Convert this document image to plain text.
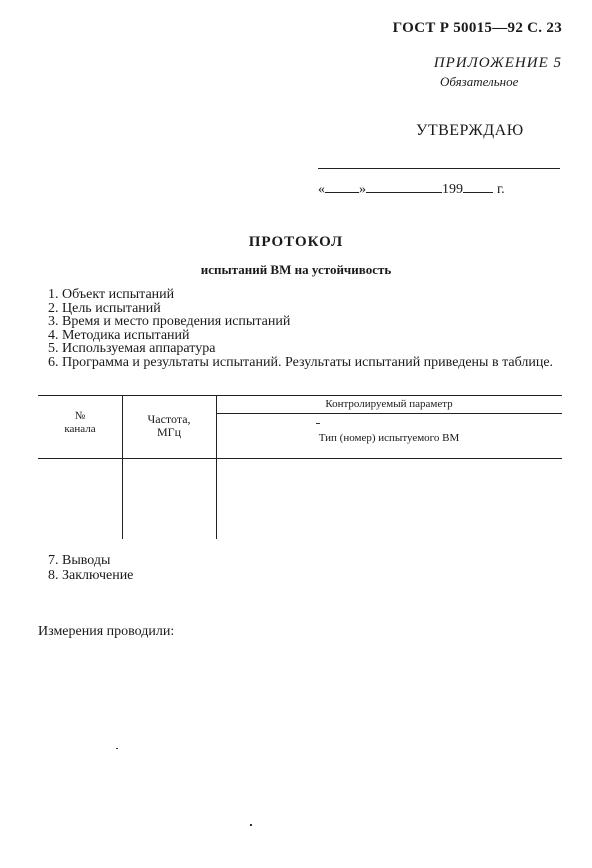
ГОСТ Р 50015—92 С. 23
ПРИЛОЖЕНИЕ 5
Обязательное
УТВЕРЖДАЮ
« »	199 г.
ПРОТОКОЛ
испытаний ВМ на устойчивость
1. Объект испытаний
2. Цель испытаний
3. Время и место проведения испытаний
4. Методика испытаний
5. Используемая аппаратура
6. Программа и результаты испытаний. Результаты испытаний приведены в таблице.
№
канала
Частота,
МГц
Контролируемый параметр
Тип (номер) испытуемого ВМ
7. Выводы
8. Заключение
Измерения проводили:
